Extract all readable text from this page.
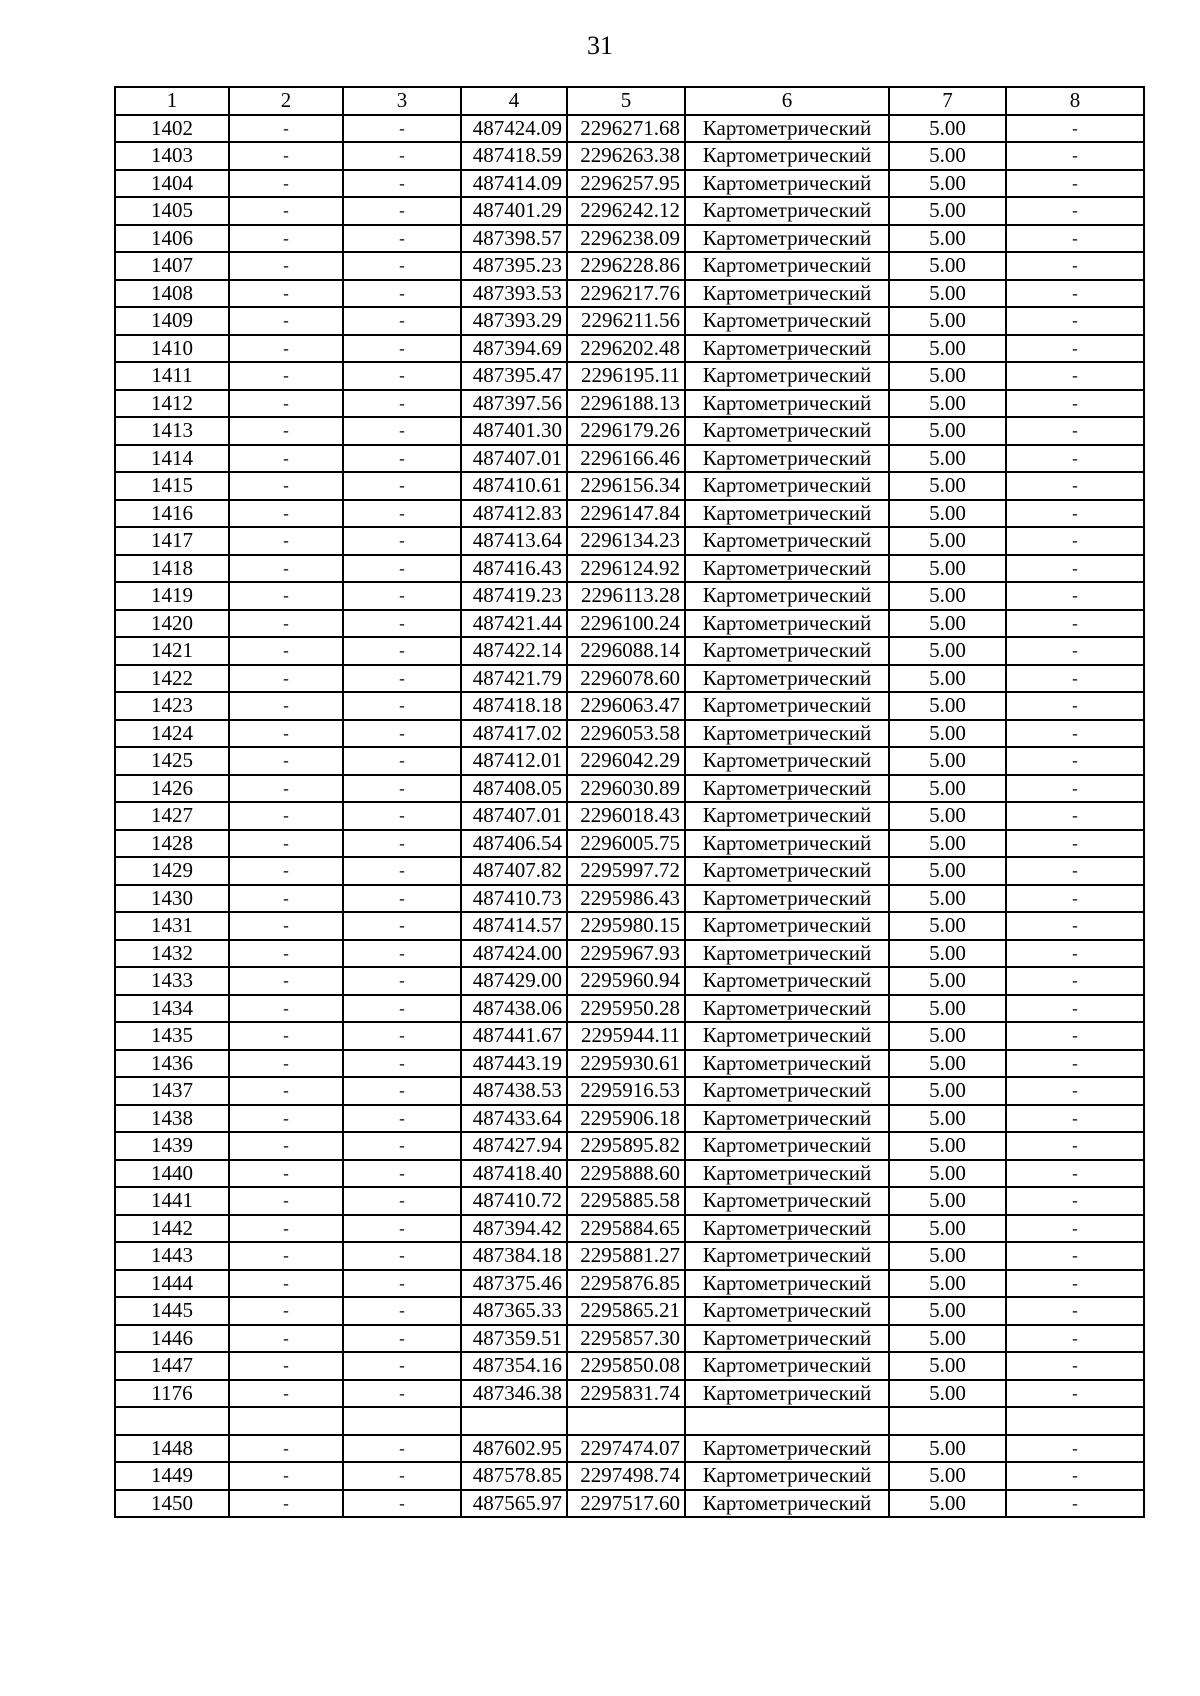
31
1	2	3	4	5	6	7	8
1402	-	-	487424.09	2296271.68	Картометрический	5.00	-
1403	-	-	487418.59	2296263.38	Картометрический	5.00	-
1404	-	-	487414.09	2296257.95	Картометрический	5.00	-
1405	-	-	487401.29	2296242.12	Картометрический	5.00	-
1406	-	-	487398.57	2296238.09	Картометрический	5.00	-
1407	-	-	487395.23	2296228.86	Картометрический	5.00	-
1408	-	-	487393.53	2296217.76	Картометрический	5.00	-
1409	-	-	487393.29	2296211.56	Картометрический	5.00	-
1410	-	-	487394.69	2296202.48	Картометрический	5.00	-
1411	-	-	487395.47	2296195.11	Картометрический	5.00	-
1412	-	-	487397.56	2296188.13	Картометрический	5.00	-
1413	-	-	487401.30	2296179.26	Картометрический	5.00	-
1414	-	-	487407.01	2296166.46	Картометрический	5.00	-
1415	-	-	487410.61	2296156.34	Картометрический	5.00	-
1416	-	-	487412.83	2296147.84	Картометрический	5.00	-
1417	-	-	487413.64	2296134.23	Картометрический	5.00	-
1418	-	-	487416.43	2296124.92	Картометрический	5.00	-
1419	-	-	487419.23	2296113.28	Картометрический	5.00	-
1420	-	-	487421.44	2296100.24	Картометрический	5.00	-
1421	-	-	487422.14	2296088.14	Картометрический	5.00	-
1422	-	-	487421.79	2296078.60	Картометрический	5.00	-
1423	-	-	487418.18	2296063.47	Картометрический	5.00	-
1424	-	-	487417.02	2296053.58	Картометрический	5.00	-
1425	-	-	487412.01	2296042.29	Картометрический	5.00	-
1426	-	-	487408.05	2296030.89	Картометрический	5.00	-
1427	-	-	487407.01	2296018.43	Картометрический	5.00	-
1428	-	-	487406.54	2296005.75	Картометрический	5.00	-
1429	-	-	487407.82	2295997.72	Картометрический	5.00	-
1430	-	-	487410.73	2295986.43	Картометрический	5.00	-
1431	-	-	487414.57	2295980.15	Картометрический	5.00	-
1432	-	-	487424.00	2295967.93	Картометрический	5.00	-
1433	-	-	487429.00	2295960.94	Картометрический	5.00	-
1434	-	-	487438.06	2295950.28	Картометрический	5.00	-
1435	-	-	487441.67	2295944.11	Картометрический	5.00	-
1436	-	-	487443.19	2295930.61	Картометрический	5.00	-
1437	-	-	487438.53	2295916.53	Картометрический	5.00	-
1438	-	-	487433.64	2295906.18	Картометрический	5.00	-
1439	-	-	487427.94	2295895.82	Картометрический	5.00	-
1440	-	-	487418.40	2295888.60	Картометрический	5.00	-
1441	-	-	487410.72	2295885.58	Картометрический	5.00	-
1442	-	-	487394.42	2295884.65	Картометрический	5.00	-
1443	-	-	487384.18	2295881.27	Картометрический	5.00	-
1444	-	-	487375.46	2295876.85	Картометрический	5.00	-
1445	-	-	487365.33	2295865.21	Картометрический	5.00	-
1446	-	-	487359.51	2295857.30	Картометрический	5.00	-
1447	-	-	487354.16	2295850.08	Картометрический	5.00	-
1176	-	-	487346.38	2295831.74	Картометрический	5.00	-

1448	-	-	487602.95	2297474.07	Картометрический	5.00	-
1449	-	-	487578.85	2297498.74	Картометрический	5.00	-
1450	-	-	487565.97	2297517.60	Картометрический	5.00	-
